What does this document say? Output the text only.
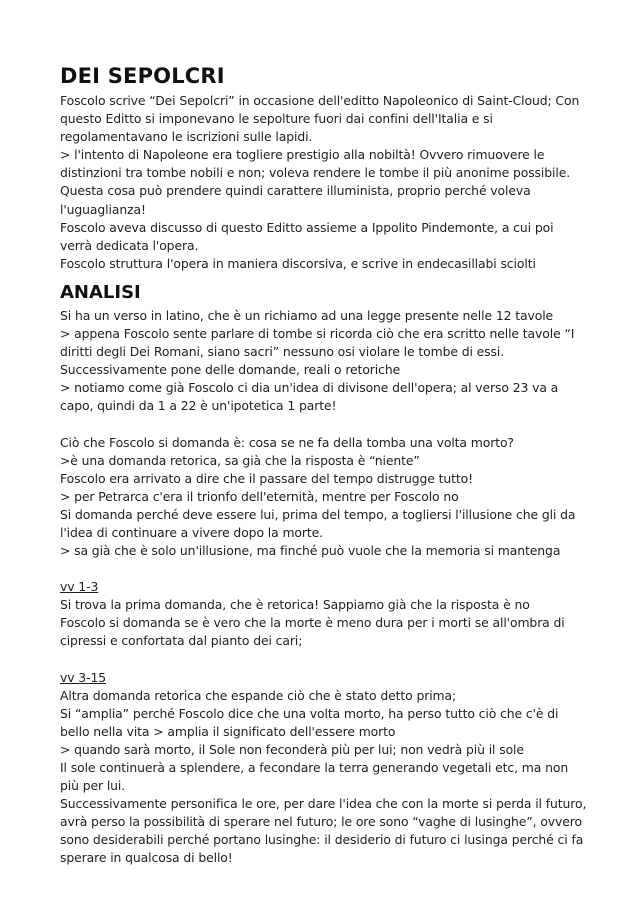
DEI SEPOLCRI

Foscolo scrive “Dei Sepolcri” in occasione dell'editto Napoleonico di Saint-Cloud; Con questo Editto si imponevano le sepolture fuori dai confini dell'Italia e si regolamentavano le iscrizioni sulle lapidi.

> l'intento di Napoleone era togliere prestigio alla nobiltà! Ovvero rimuovere le distinzioni tra tombe nobili e non; voleva rendere le tombe il più anonime possibile. Questa cosa può prendere quindi carattere illuminista, proprio perché voleva l'uguaglianza!

Foscolo aveva discusso di questo Editto assieme a Ippolito Pindemonte, a cui poi verrà dedicata l'opera.

Foscolo struttura l'opera in maniera discorsiva, e scrive in endecasillabi sciolti

ANALISI

Si ha un verso in latino, che è un richiamo ad una legge presente nelle 12 tavole

> appena Foscolo sente parlare di tombe si ricorda ciò che era scritto nelle tavole “I diritti degli Dei Romani, siano sacri” nessuno osi violare le tombe di essi.

Successivamente pone delle domande, reali o retoriche

> notiamo come già Foscolo ci dia un'idea di divisone dell'opera; al verso 23 va a capo, quindi da 1 a 22 è un'ipotetica 1 parte!

Ciò che Foscolo si domanda è: cosa se ne fa della tomba una volta morto?

>è una domanda retorica, sa già che la risposta è “niente”

Foscolo era arrivato a dire che il passare del tempo distrugge tutto!

> per Petrarca c'era il trionfo dell'eternità, mentre per Foscolo no

Si domanda perché deve essere lui, prima del tempo, a togliersi l'illusione che gli da l'idea di continuare a vivere dopo la morte.

> sa già che è solo un'illusione, ma finché può vuole che la memoria si mantenga

vv 1-3

Si trova la prima domanda, che è retorica! Sappiamo già che la risposta è no

Foscolo si domanda se è vero che la morte è meno dura per i morti se all'ombra di cipressi e confortata dal pianto dei cari;

vv 3-15

Altra domanda retorica che espande ciò che è stato detto prima;

Si “amplia” perché Foscolo dice che una volta morto, ha perso tutto ciò che c'è di bello nella vita > amplia il significato dell'essere morto

> quando sarà morto, il Sole non feconderà più per lui; non vedrà più il sole

Il sole continuerà a splendere, a fecondare la terra generando vegetali etc, ma non più per lui.

Successivamente personifica le ore, per dare l'idea che con la morte si perda il futuro, avrà perso la possibilità di sperare nel futuro; le ore sono “vaghe di lusinghe”, ovvero sono desiderabili perché portano lusinghe: il desiderio di futuro ci lusinga perché ci fa sperare in qualcosa di bello!
